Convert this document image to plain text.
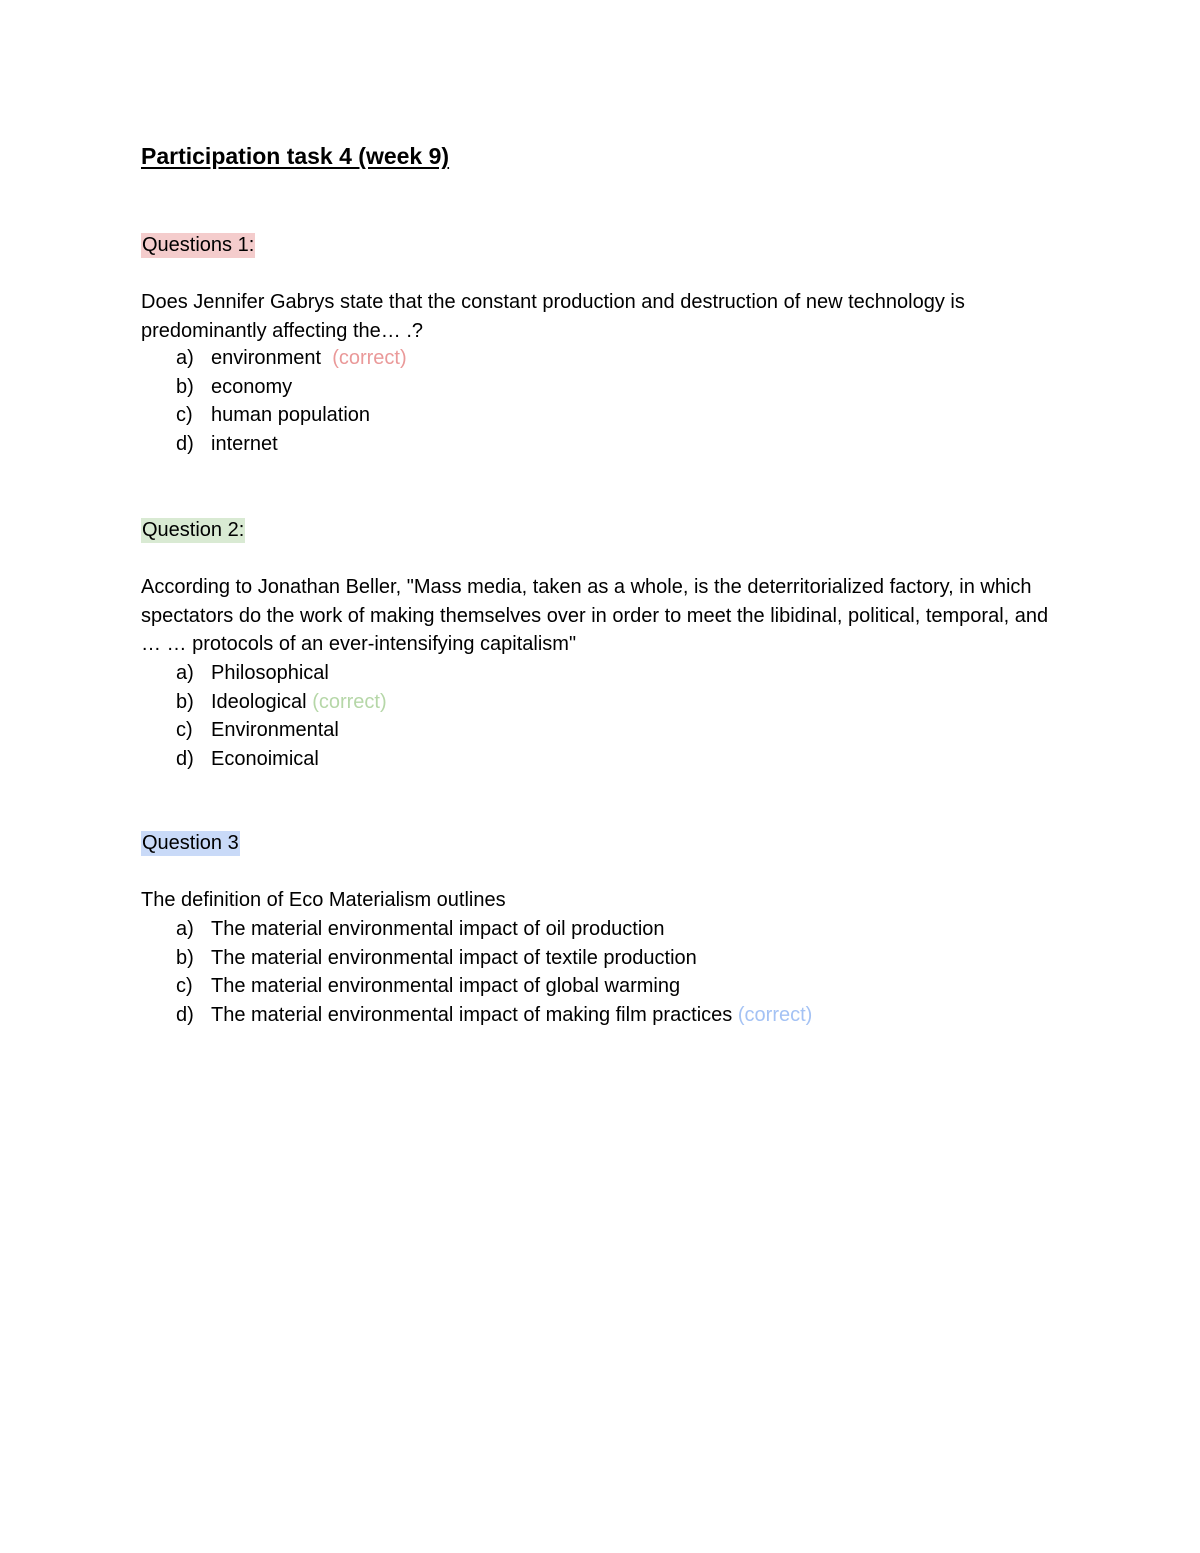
Participation task 4 (week 9)
Questions 1:

Does Jennifer Gabrys state that the constant production and destruction of new technology is predominantly affecting the… .?

a) environment  (correct)
b) economy
c) human population
d) internet
Question 2:

According to Jonathan Beller, "Mass media, taken as a whole, is the deterritorialized factory, in which spectators do the work of making themselves over in order to meet the libidinal, political, temporal, and … … protocols of an ever-intensifying capitalism"

a) Philosophical
b) Ideological (correct)
c) Environmental
d) Econoimical
Question 3

The definition of Eco Materialism outlines

a) The material environmental impact of oil production
b) The material environmental impact of textile production
c) The material environmental impact of global warming
d) The material environmental impact of making film practices (correct)
